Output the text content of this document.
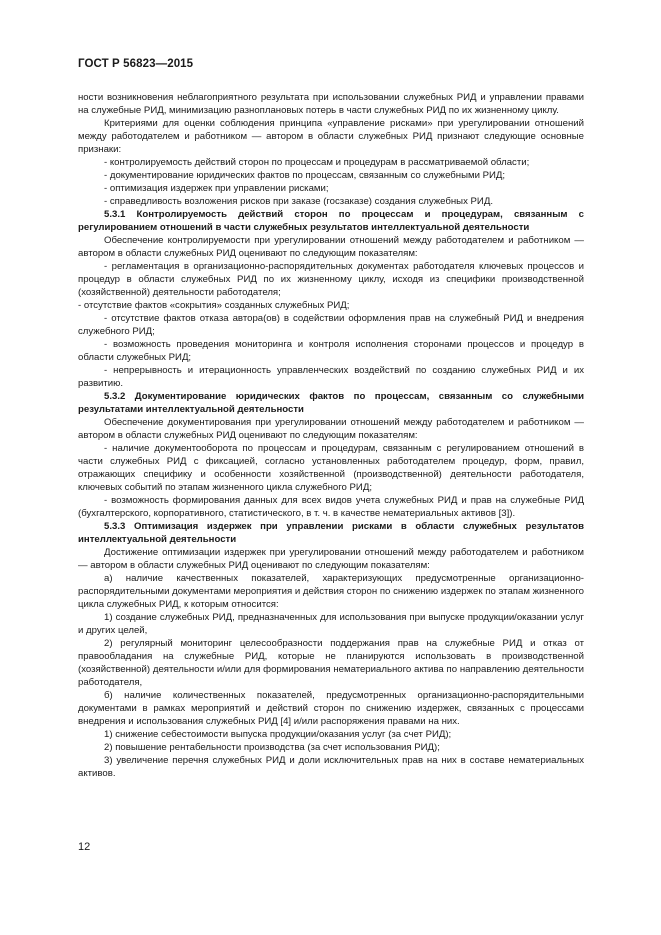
ГОСТ Р 56823—2015

ности возникновения неблагоприятного результата при использовании служебных РИД и управлении правами на служебные РИД, минимизацию разноплановых потерь в части служебных РИД по их жизненному циклу.

Критериями для оценки соблюдения принципа «управление рисками» при урегулировании отношений между работодателем и работником — автором в области служебных РИД признают следующие основные признаки:

- контролируемость действий сторон по процессам и процедурам в рассматриваемой области;

- документирование юридических фактов по процессам, связанным со служебными РИД;

- оптимизация издержек при управлении рисками;

- справедливость возложения рисков при заказе (госзаказе) создания служебных РИД.

5.3.1 Контролируемость действий сторон по процессам и процедурам, связанным с регулированием отношений в части служебных результатов интеллектуальной деятельности

Обеспечение контролируемости при урегулировании отношений между работодателем и работником — автором в области служебных РИД оценивают по следующим показателям:

- регламентация в организационно-распорядительных документах работодателя ключевых процессов и процедур в области служебных РИД по их жизненному циклу, исходя из специфики производственной (хозяйственной) деятельности работодателя;

- отсутствие фактов «сокрытия» созданных служебных РИД;

- отсутствие фактов отказа автора(ов) в содействии оформления прав на служебный РИД и внедрения служебного РИД;

- возможность проведения мониторинга и контроля исполнения сторонами процессов и процедур в области служебных РИД;

- непрерывность и итерационность управленческих воздействий по созданию служебных РИД и их развитию.

5.3.2 Документирование юридических фактов по процессам, связанным со служебными результатами интеллектуальной деятельности

Обеспечение документирования при урегулировании отношений между работодателем и работником — автором в области служебных РИД оценивают по следующим показателям:

- наличие документооборота по процессам и процедурам, связанным с регулированием отношений в части служебных РИД с фиксацией, согласно установленных работодателем процедур, форм, правил, отражающих специфику и особенности хозяйственной (производственной) деятельности работодателя, ключевых событий по этапам жизненного цикла служебного РИД;

- возможность формирования данных для всех видов учета служебных РИД и прав на служебные РИД (бухгалтерского, корпоративного, статистического, в т. ч. в качестве нематериальных активов [3]).

5.3.3 Оптимизация издержек при управлении рисками в области служебных результатов интеллектуальной деятельности

Достижение оптимизации издержек при урегулировании отношений между работодателем и работником — автором в области служебных РИД оценивают по следующим показателям:

а) наличие качественных показателей, характеризующих предусмотренные организационно-распорядительными документами мероприятия и действия сторон по снижению издержек по этапам жизненного цикла служебных РИД, к которым относится:

1) создание служебных РИД, предназначенных для использования при выпуске продукции/оказании услуг и других целей,

2) регулярный мониторинг целесообразности поддержания прав на служебные РИД и отказ от правообладания на служебные РИД, которые не планируются использовать в производственной (хозяйственной) деятельности и/или для формирования нематериального актива по направлению деятельности работодателя,

б) наличие количественных показателей, предусмотренных организационно-распорядительными документами в рамках мероприятий и действий сторон по снижению издержек, связанных с процессами внедрения и использования служебных РИД [4] и/или распоряжения правами на них.

1) снижение себестоимости выпуска продукции/оказания услуг (за счет РИД);

2) повышение рентабельности производства (за счет использования РИД);

3) увеличение перечня служебных РИД и доли исключительных прав на них в составе нематериальных активов.

12
